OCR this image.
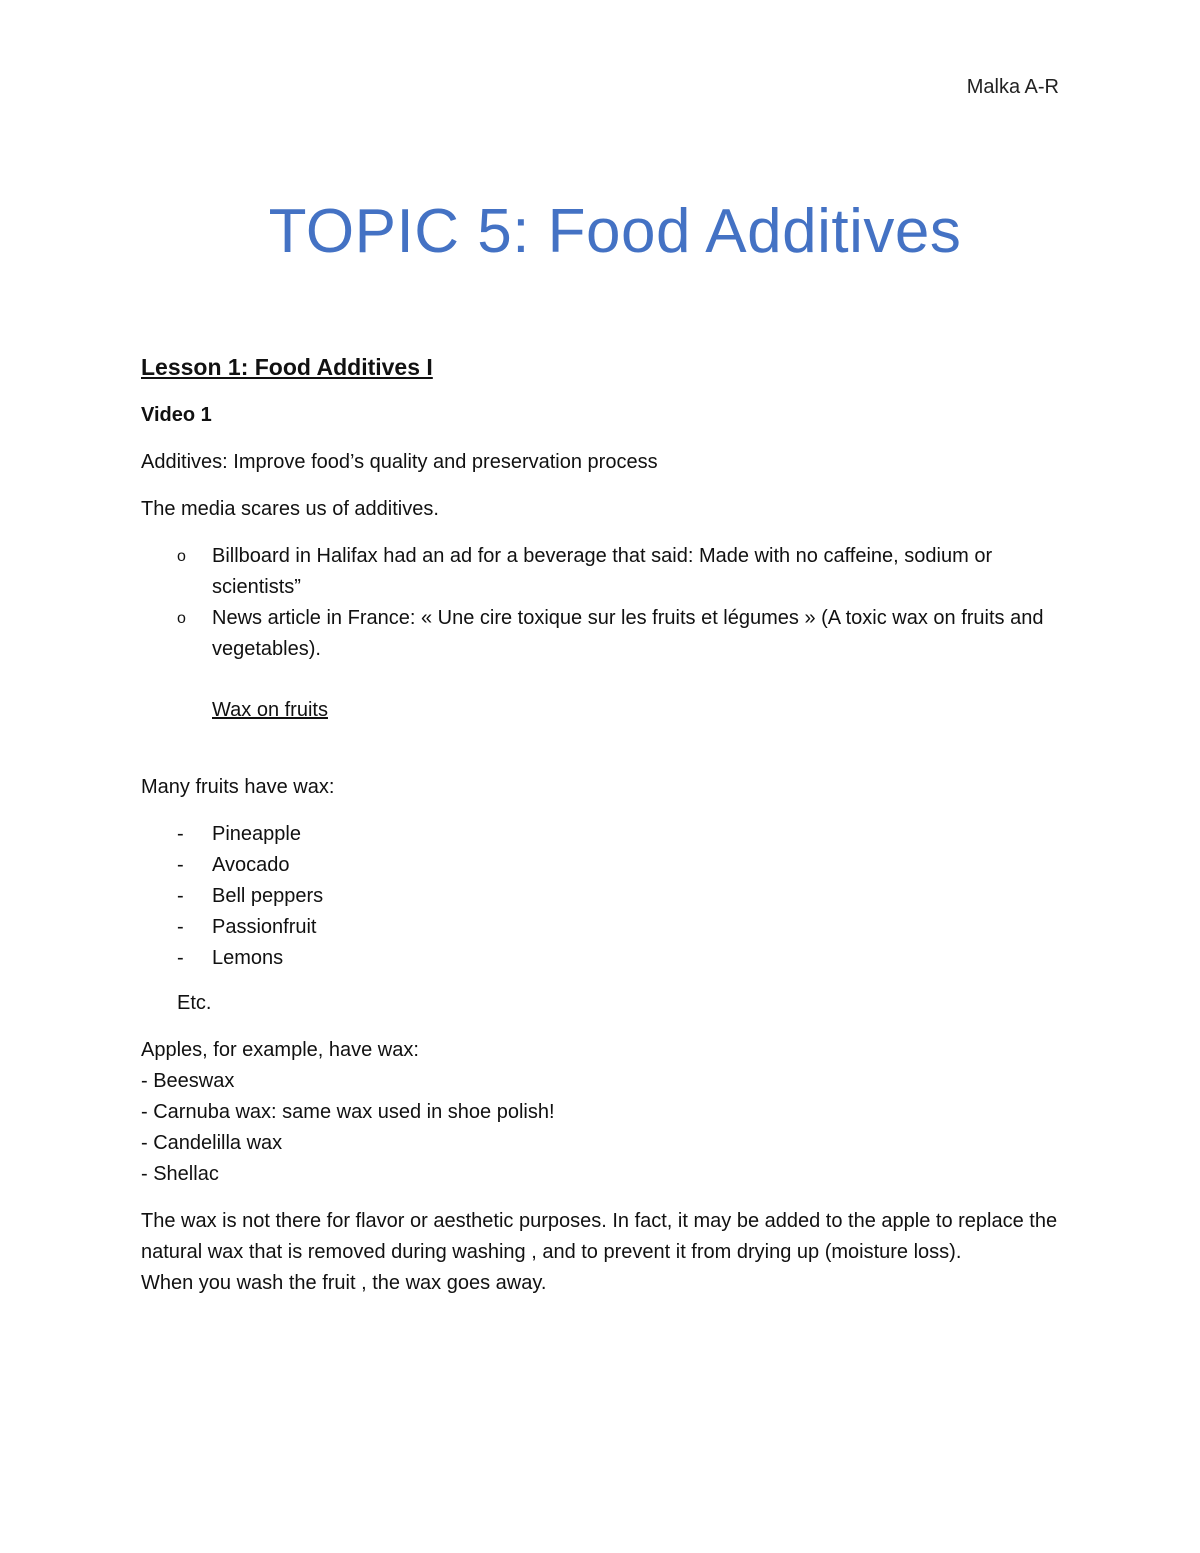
Malka A-R
TOPIC 5: Food Additives
Lesson 1: Food Additives I
Video 1

Additives: Improve food’s quality and preservation process

The media scares us of additives.

o Billboard in Halifax had an ad for a beverage that said: Made with no caffeine, sodium or scientists”
o News article in France: « Une cire toxique sur les fruits et légumes » (A toxic wax on fruits and vegetables).
Wax on fruits

Many fruits have wax:

- Pineapple
- Avocado
- Bell peppers
- Passionfruit
- Lemons
Etc.
Apples, for example, have wax:
- Beeswax
- Carnuba wax: same wax used in shoe polish!
- Candelilla wax
- Shellac
The wax is not there for flavor or aesthetic purposes. In fact, it may be added to the apple to replace the natural wax that is removed during washing , and to prevent it from drying up (moisture loss).
When you wash the fruit , the wax goes away.
